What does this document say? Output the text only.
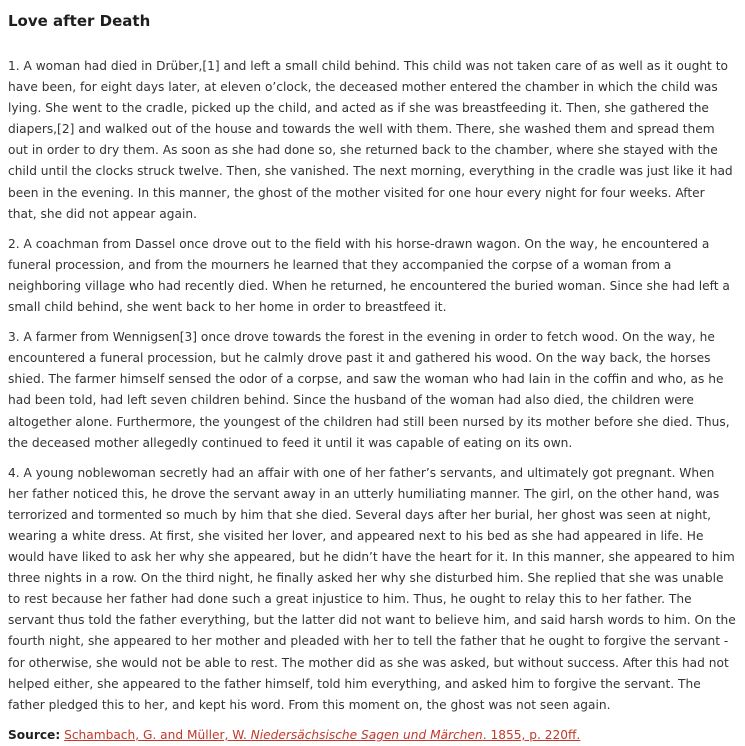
Love after Death

1. A woman had died in Drüber,[1] and left a small child behind. This child was not taken care of as well as it ought to have been, for eight days later, at eleven o’clock, the deceased mother entered the chamber in which the child was lying. She went to the cradle, picked up the child, and acted as if she was breastfeeding it. Then, she gathered the diapers,[2] and walked out of the house and towards the well with them. There, she washed them and spread them out in order to dry them. As soon as she had done so, she returned back to the chamber, where she stayed with the child until the clocks struck twelve. Then, she vanished. The next morning, everything in the cradle was just like it had been in the evening. In this manner, the ghost of the mother visited for one hour every night for four weeks. After that, she did not appear again.

2. A coachman from Dassel once drove out to the field with his horse-drawn wagon. On the way, he encountered a funeral procession, and from the mourners he learned that they accompanied the corpse of a woman from a neighboring village who had recently died. When he returned, he encountered the buried woman. Since she had left a small child behind, she went back to her home in order to breastfeed it.

3. A farmer from Wennigsen[3] once drove towards the forest in the evening in order to fetch wood. On the way, he encountered a funeral procession, but he calmly drove past it and gathered his wood. On the way back, the horses shied. The farmer himself sensed the odor of a corpse, and saw the woman who had lain in the coffin and who, as he had been told, had left seven children behind. Since the husband of the woman had also died, the children were altogether alone. Furthermore, the youngest of the children had still been nursed by its mother before she died. Thus, the deceased mother allegedly continued to feed it until it was capable of eating on its own.

4. A young noblewoman secretly had an affair with one of her father’s servants, and ultimately got pregnant. When her father noticed this, he drove the servant away in an utterly humiliating manner. The girl, on the other hand, was terrorized and tormented so much by him that she died. Several days after her burial, her ghost was seen at night, wearing a white dress. At first, she visited her lover, and appeared next to his bed as she had appeared in life. He would have liked to ask her why she appeared, but he didn’t have the heart for it. In this manner, she appeared to him three nights in a row. On the third night, he finally asked her why she disturbed him. She replied that she was unable to rest because her father had done such a great injustice to him. Thus, he ought to relay this to her father. The servant thus told the father everything, but the latter did not want to believe him, and said harsh words to him. On the fourth night, she appeared to her mother and pleaded with her to tell the father that he ought to forgive the servant - for otherwise, she would not be able to rest. The mother did as she was asked, but without success. After this had not helped either, she appeared to the father himself, told him everything, and asked him to forgive the servant. The father pledged this to her, and kept his word. From this moment on, the ghost was not seen again.

Source: Schambach, G. and Müller, W. Niedersächsische Sagen und Märchen. 1855, p. 220ff.
